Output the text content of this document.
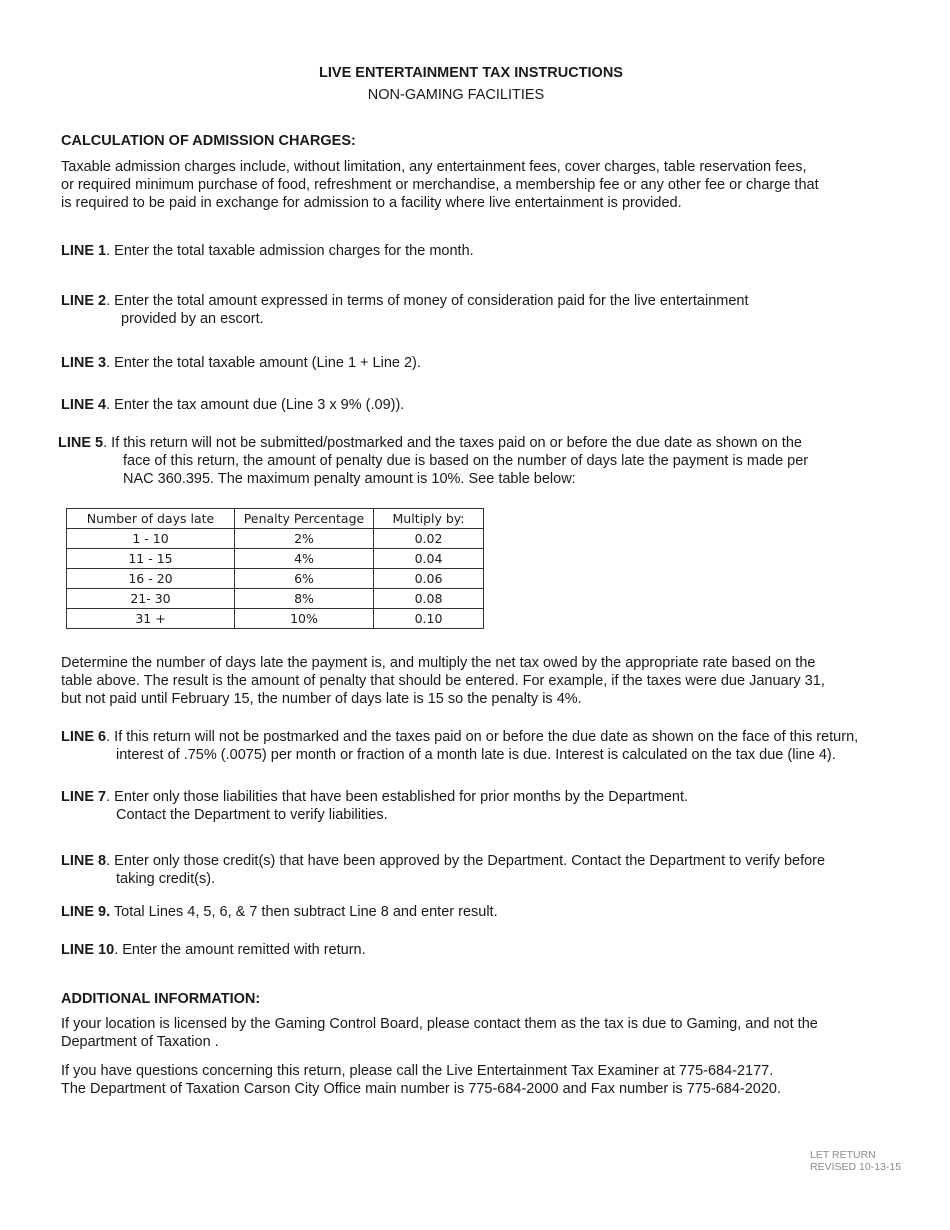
LIVE ENTERTAINMENT TAX INSTRUCTIONS
NON-GAMING FACILITIES
CALCULATION OF ADMISSION CHARGES:
Taxable admission charges include, without limitation, any entertainment fees, cover charges, table reservation fees,
or required minimum purchase of food, refreshment or merchandise, a membership fee or any other fee or charge that
is required to be paid in exchange for admission to a facility where live entertainment is provided.
LINE 1. Enter the total taxable admission charges for the month.
LINE 2. Enter the total amount expressed in terms of money of consideration paid for the live entertainment
provided by an escort.
LINE 3. Enter the total taxable amount (Line 1 + Line 2).
LINE 4. Enter the tax amount due (Line 3 x 9% (.09)).
LINE 5. If this return will not be submitted/postmarked and the taxes paid on or before the due date as shown on the
face of this return, the amount of penalty due is based on the number of days late the payment is made per
NAC 360.395. The maximum penalty amount is 10%. See table below:
Number of days late	Penalty Percentage	Multiply by:
1 - 10	2%	0.02
11 - 15	4%	0.04
16 - 20	6%	0.06
21- 30	8%	0.08
31 +	10%	0.10
Determine the number of days late the payment is, and multiply the net tax owed by the appropriate rate based on the
table above. The result is the amount of penalty that should be entered. For example, if the taxes were due January 31,
but not paid until February 15, the number of days late is 15 so the penalty is 4%.
LINE 6. If this return will not be postmarked and the taxes paid on or before the due date as shown on the face of this return,
interest of .75% (.0075) per month or fraction of a month late is due. Interest is calculated on the tax due (line 4).
LINE 7. Enter only those liabilities that have been established for prior months by the Department.
Contact the Department to verify liabilities.
LINE 8. Enter only those credit(s) that have been approved by the Department. Contact the Department to verify before
taking credit(s).
LINE 9. Total Lines 4, 5, 6, & 7 then subtract Line 8 and enter result.
LINE 10. Enter the amount remitted with return.
ADDITIONAL INFORMATION:
If your location is licensed by the Gaming Control Board, please contact them as the tax is due to Gaming, and not the
Department of Taxation .
If you have questions concerning this return, please call the Live Entertainment Tax Examiner at 775-684-2177.
The Department of Taxation Carson City Office main number is 775-684-2000 and Fax number is 775-684-2020.
LET RETURN
REVISED 10-13-15
